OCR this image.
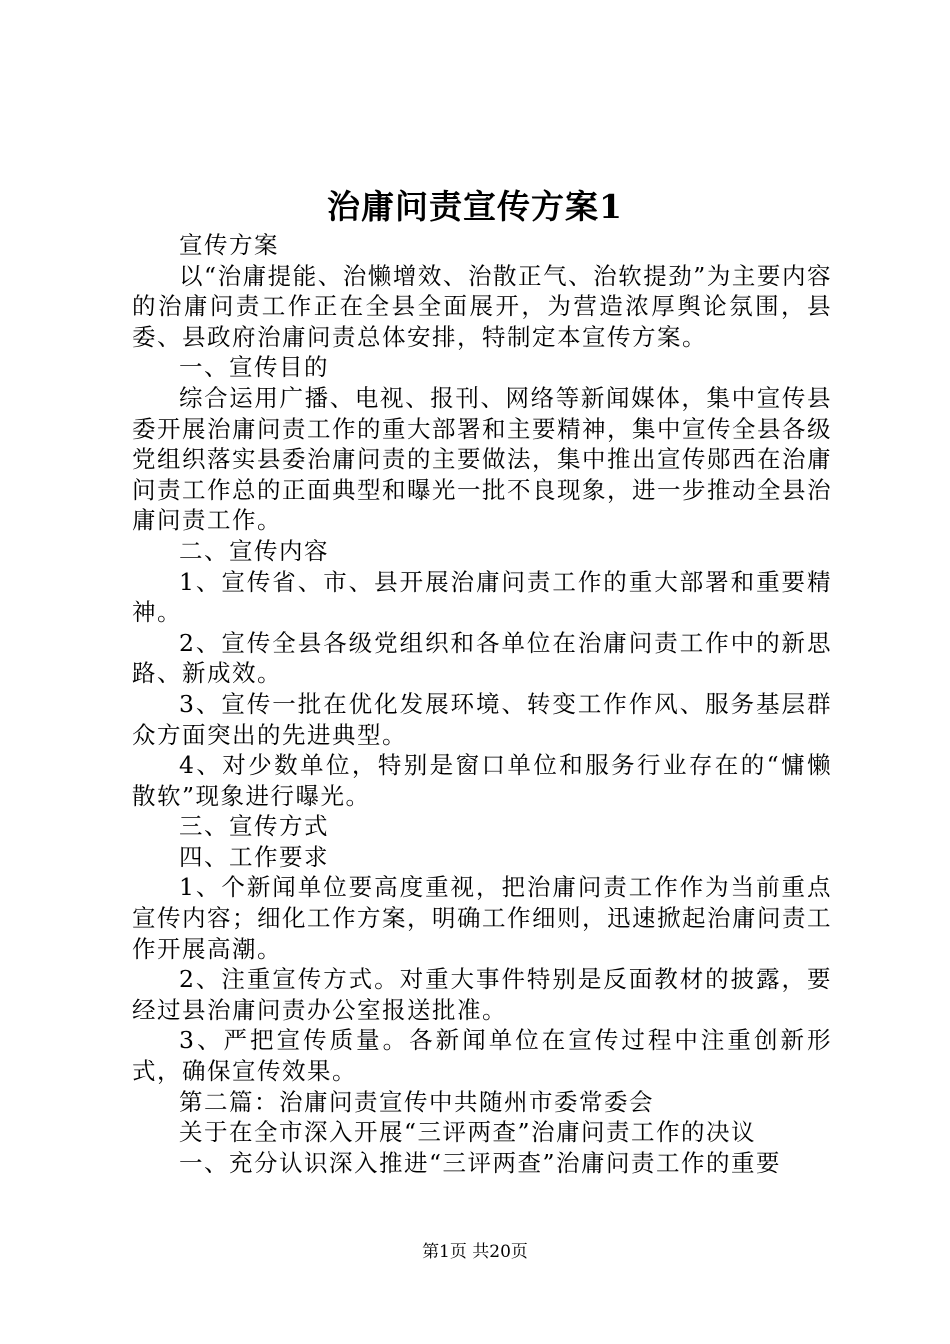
治庸问责宣传方案1

宣传方案

以“治庸提能、治懒增效、治散正气、治软提劲”为主要内容的治庸问责工作正在全县全面展开，为营造浓厚舆论氛围，县委、县政府治庸问责总体安排，特制定本宣传方案。

一、宣传目的

综合运用广播、电视、报刊、网络等新闻媒体，集中宣传县委开展治庸问责工作的重大部署和主要精神，集中宣传全县各级党组织落实县委治庸问责的主要做法，集中推出宣传郧西在治庸问责工作总的正面典型和曝光一批不良现象，进一步推动全县治庸问责工作。

二、宣传内容

1、宣传省、市、县开展治庸问责工作的重大部署和重要精神。

2、宣传全县各级党组织和各单位在治庸问责工作中的新思路、新成效。

3、宣传一批在优化发展环境、转变工作作风、服务基层群众方面突出的先进典型。

4、对少数单位，特别是窗口单位和服务行业存在的“慵懒散软”现象进行曝光。

三、宣传方式

四、工作要求

1、个新闻单位要高度重视，把治庸问责工作作为当前重点宣传内容；细化工作方案，明确工作细则，迅速掀起治庸问责工作开展高潮。

2、注重宣传方式。对重大事件特别是反面教材的披露，要经过县治庸问责办公室报送批准。

3、严把宣传质量。各新闻单位在宣传过程中注重创新形式，确保宣传效果。

第二篇：治庸问责宣传中共随州市委常委会

关于在全市深入开展“三评两查”治庸问责工作的决议

一、充分认识深入推进“三评两查”治庸问责工作的重要

第1页 共20页
